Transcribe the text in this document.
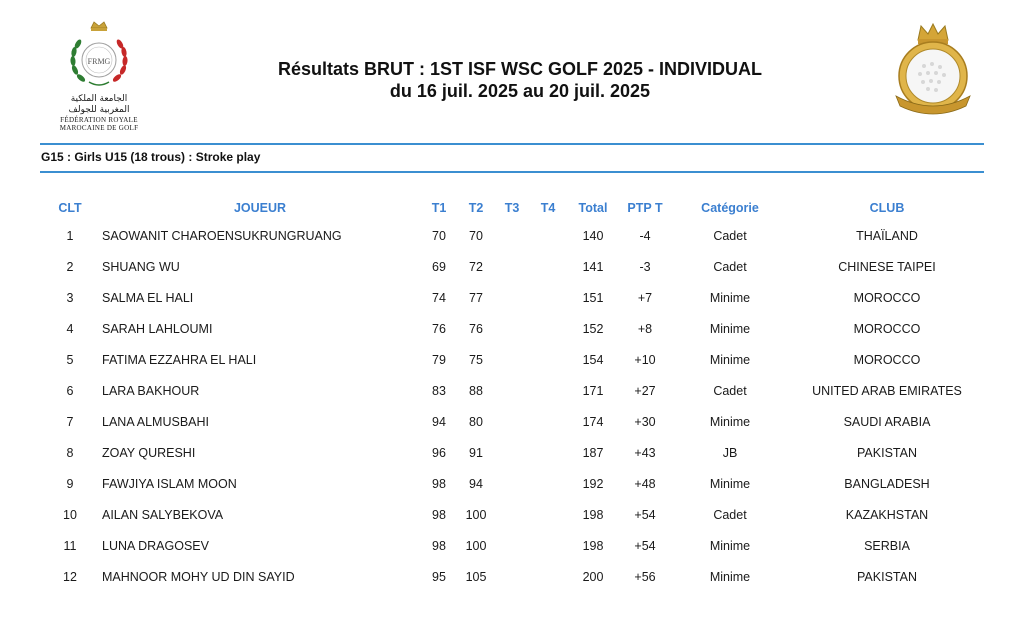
FRMG
الجامعة الملكية
المغربية للجولف
FÉDÉRATION ROYALE
MAROCAINE DE GOLF
Résultats BRUT : 1ST ISF WSC GOLF 2025 - INDIVIDUAL
du 16 juil. 2025 au 20 juil. 2025
G15 : Girls U15 (18 trous) : Stroke play
CLT	JOUEUR	T1	T2	T3	T4	Total	PTP T	Catégorie	CLUB
1	SAOWANIT CHAROENSUKRUNGRUANG	70	70			140	-4	Cadet	THAÏLAND
2	SHUANG WU	69	72			141	-3	Cadet	CHINESE TAIPEI
3	SALMA EL HALI	74	77			151	+7	Minime	MOROCCO
4	SARAH LAHLOUMI	76	76			152	+8	Minime	MOROCCO
5	FATIMA EZZAHRA EL HALI	79	75			154	+10	Minime	MOROCCO
6	LARA BAKHOUR	83	88			171	+27	Cadet	UNITED ARAB EMIRATES
7	LANA ALMUSBAHI	94	80			174	+30	Minime	SAUDI ARABIA
8	ZOAY QURESHI	96	91			187	+43	JB	PAKISTAN
9	FAWJIYA ISLAM MOON	98	94			192	+48	Minime	BANGLADESH
10	AILAN SALYBEKOVA	98	100			198	+54	Cadet	KAZAKHSTAN
11	LUNA DRAGOSEV	98	100			198	+54	Minime	SERBIA
12	MAHNOOR MOHY UD DIN SAYID	95	105			200	+56	Minime	PAKISTAN
